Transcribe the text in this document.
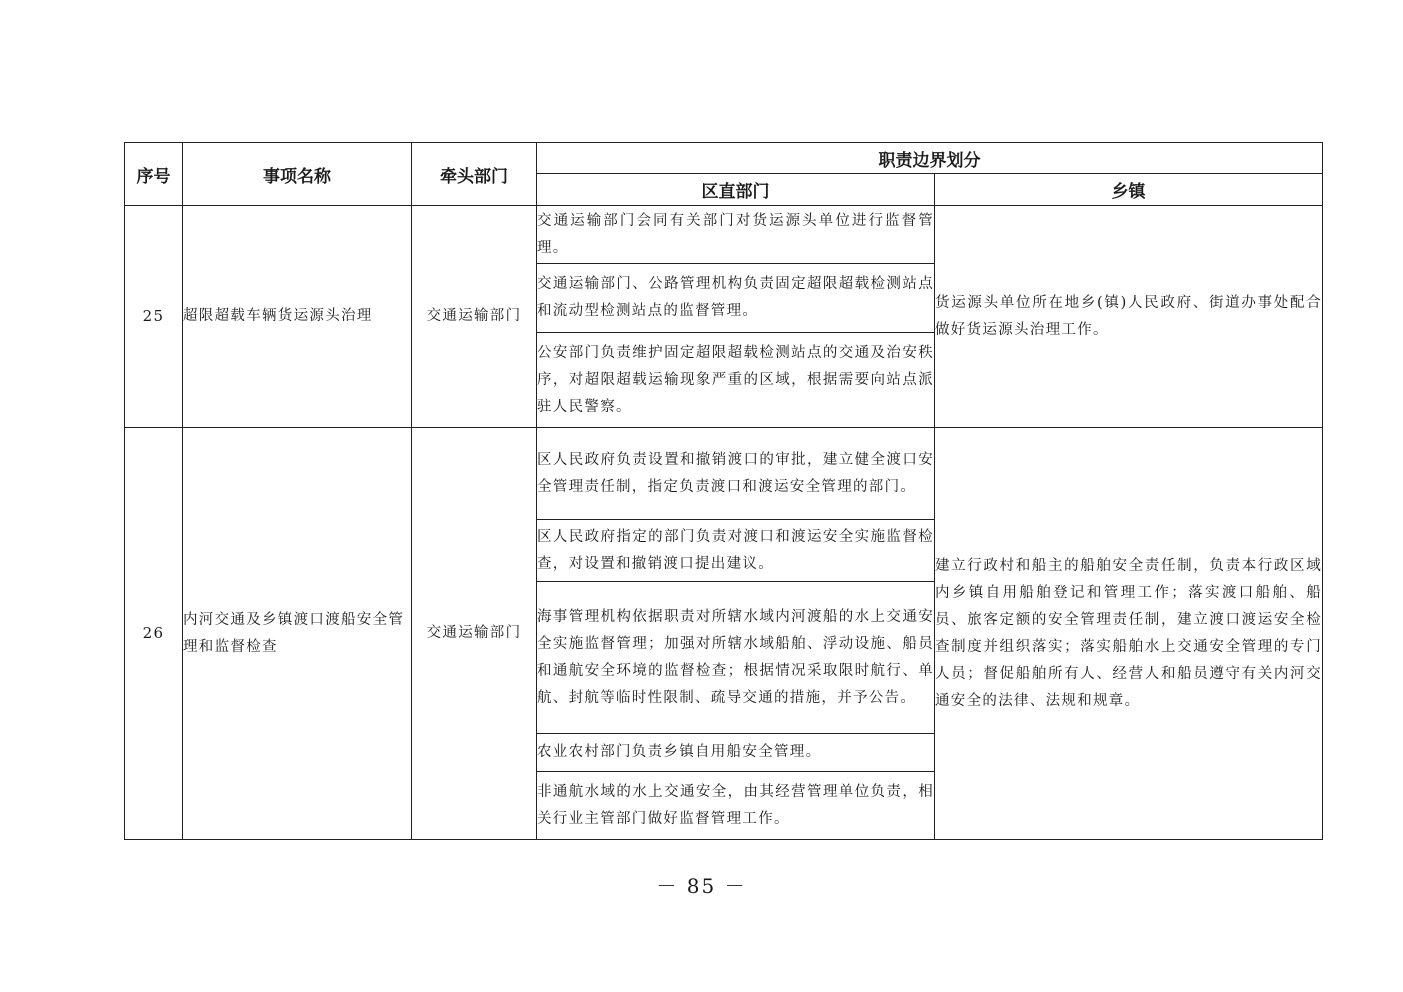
序号	事项名称	牵头部门	职责边界划分	
			区直部门	乡镇
25	超限超载车辆货运源头治理	交通运输部门	交通运输部门会同有关部门对货运源头单位进行监督管理。	货运源头单位所在地乡(镇)人民政府、街道办事处配合做好货运源头治理工作。
			交通运输部门、公路管理机构负责固定超限超载检测站点和流动型检测站点的监督管理。	
			公安部门负责维护固定超限超载检测站点的交通及治安秩序，对超限超载运输现象严重的区域，根据需要向站点派驻人民警察。	
26	内河交通及乡镇渡口渡船安全管理和监督检查	交通运输部门	区人民政府负责设置和撤销渡口的审批，建立健全渡口安全管理责任制，指定负责渡口和渡运安全管理的部门。	建立行政村和船主的船舶安全责任制，负责本行政区域内乡镇自用船舶登记和管理工作；落实渡口船舶、船员、旅客定额的安全管理责任制，建立渡口渡运安全检查制度并组织落实；落实船舶水上交通安全管理的专门人员；督促船舶所有人、经营人和船员遵守有关内河交通安全的法律、法规和规章。
			区人民政府指定的部门负责对渡口和渡运安全实施监督检查，对设置和撤销渡口提出建议。	
			海事管理机构依据职责对所辖水域内河渡船的水上交通安全实施监督管理；加强对所辖水域船舶、浮动设施、船员和通航安全环境的监督检查；根据情况采取限时航行、单航、封航等临时性限制、疏导交通的措施，并予公告。	
			农业农村部门负责乡镇自用船安全管理。	
			非通航水域的水上交通安全，由其经营管理单位负责，相关行业主管部门做好监督管理工作。	
－ 85 －
